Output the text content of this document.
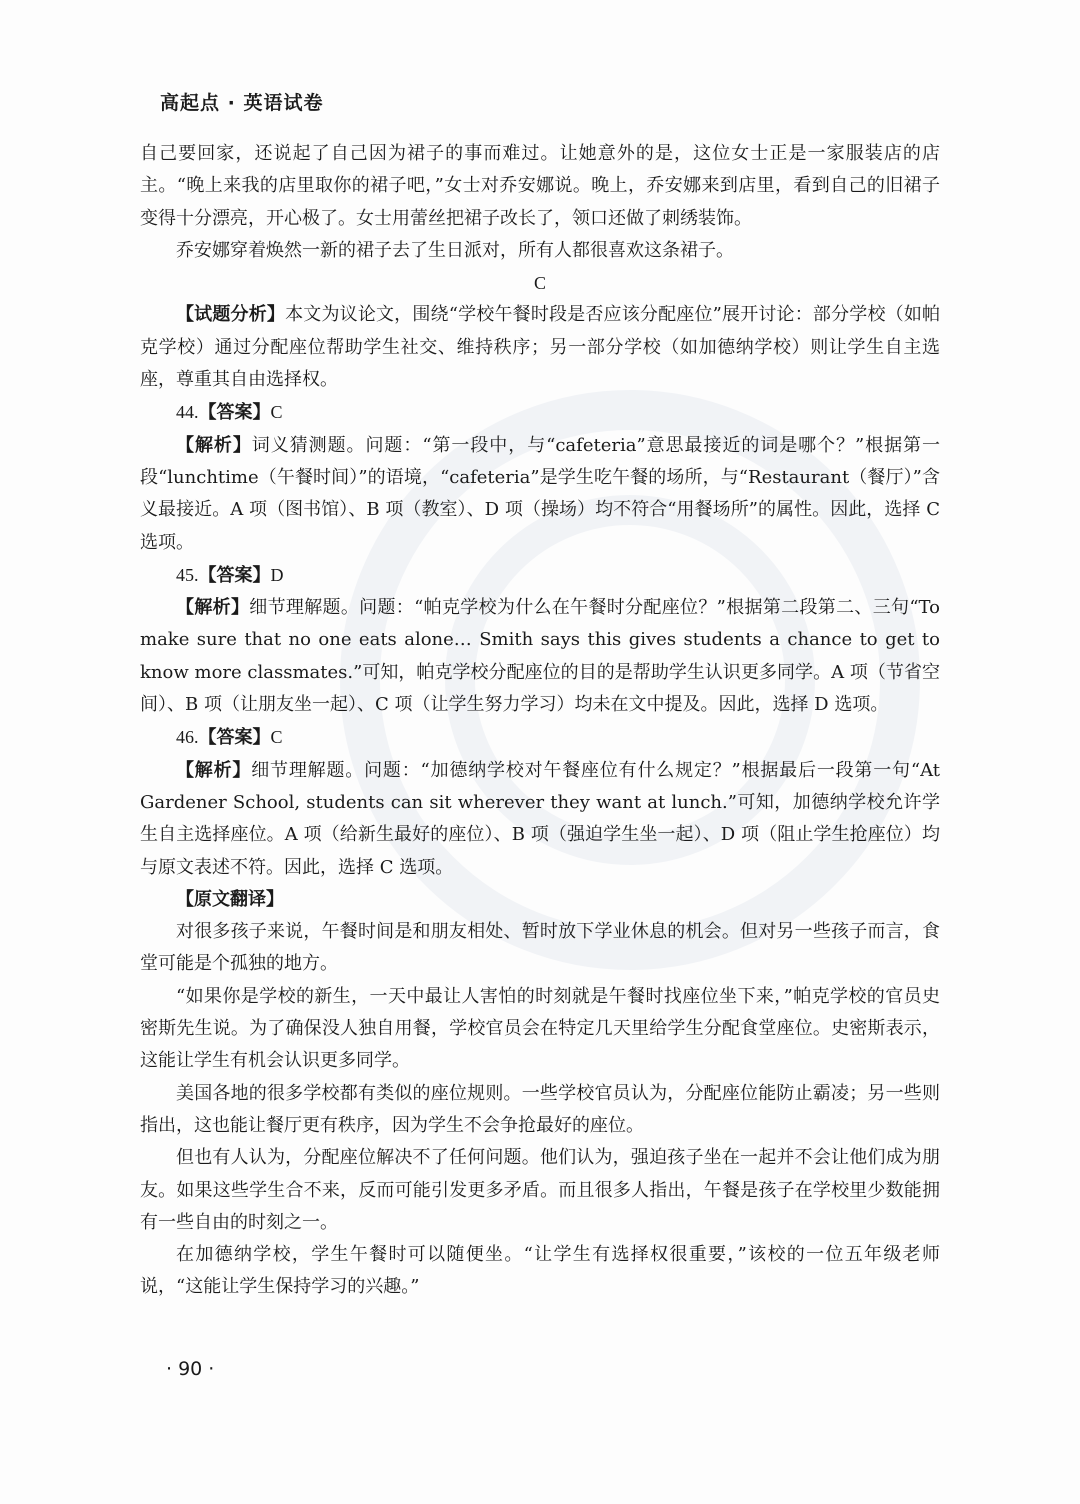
高起点 · 英语试卷

自己要回家，还说起了自己因为裙子的事而难过。让她意外的是，这位女士正是一家服装店的店主。“晚上来我的店里取你的裙子吧，”女士对乔安娜说。晚上，乔安娜来到店里，看到自己的旧裙子变得十分漂亮，开心极了。女士用蕾丝把裙子改长了，领口还做了刺绣装饰。

乔安娜穿着焕然一新的裙子去了生日派对，所有人都很喜欢这条裙子。

C

【试题分析】本文为议论文，围绕“学校午餐时段是否应该分配座位”展开讨论：部分学校（如帕克学校）通过分配座位帮助学生社交、维持秩序；另一部分学校（如加德纳学校）则让学生自主选座，尊重其自由选择权。

44.【答案】C

【解析】词义猜测题。问题：“第一段中，与“cafeteria”意思最接近的词是哪个？”根据第一段“lunchtime（午餐时间）”的语境，“cafeteria”是学生吃午餐的场所，与“Restaurant（餐厅）”含义最接近。A 项（图书馆）、B 项（教室）、D 项（操场）均不符合“用餐场所”的属性。因此，选择 C 选项。

45.【答案】D

【解析】细节理解题。问题：“帕克学校为什么在午餐时分配座位？”根据第二段第二、三句“To make sure that no one eats alone… Smith says this gives students a chance to get to know more classmates.”可知，帕克学校分配座位的目的是帮助学生认识更多同学。A 项（节省空间）、B 项（让朋友坐一起）、C 项（让学生努力学习）均未在文中提及。因此，选择 D 选项。

46.【答案】C

【解析】细节理解题。问题：“加德纳学校对午餐座位有什么规定？”根据最后一段第一句“At Gardener School, students can sit wherever they want at lunch.”可知，加德纳学校允许学生自主选择座位。A 项（给新生最好的座位）、B 项（强迫学生坐一起）、D 项（阻止学生抢座位）均与原文表述不符。因此，选择 C 选项。

【原文翻译】

对很多孩子来说，午餐时间是和朋友相处、暂时放下学业休息的机会。但对另一些孩子而言，食堂可能是个孤独的地方。

“如果你是学校的新生，一天中最让人害怕的时刻就是午餐时找座位坐下来，”帕克学校的官员史密斯先生说。为了确保没人独自用餐，学校官员会在特定几天里给学生分配食堂座位。史密斯表示，这能让学生有机会认识更多同学。

美国各地的很多学校都有类似的座位规则。一些学校官员认为，分配座位能防止霸凌；另一些则指出，这也能让餐厅更有秩序，因为学生不会争抢最好的座位。

但也有人认为，分配座位解决不了任何问题。他们认为，强迫孩子坐在一起并不会让他们成为朋友。如果这些学生合不来，反而可能引发更多矛盾。而且很多人指出，午餐是孩子在学校里少数能拥有一些自由的时刻之一。

在加德纳学校，学生午餐时可以随便坐。“让学生有选择权很重要，”该校的一位五年级老师说，“这能让学生保持学习的兴趣。”

· 90 ·
